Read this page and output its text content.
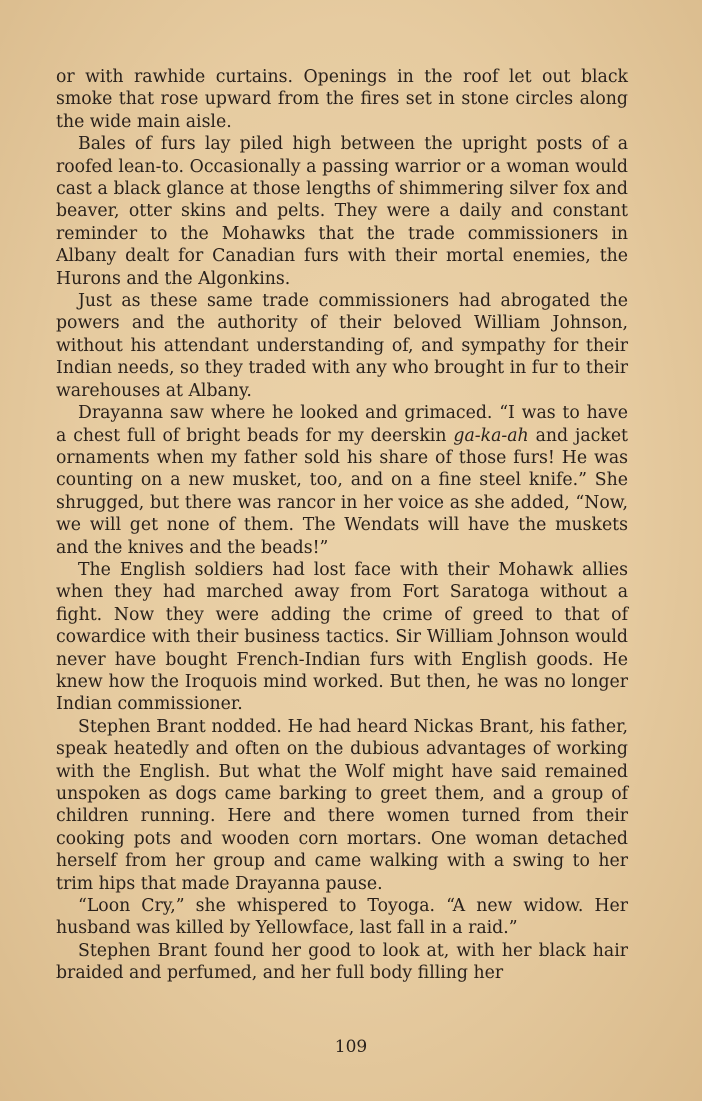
or with rawhide curtains. Openings in the roof let out black smoke that rose upward from the fires set in stone circles along the wide main aisle.

Bales of furs lay piled high between the upright posts of a roofed lean-to. Occasionally a passing warrior or a woman would cast a black glance at those lengths of shimmering silver fox and beaver, otter skins and pelts. They were a daily and constant reminder to the Mohawks that the trade commissioners in Albany dealt for Canadian furs with their mortal enemies, the Hurons and the Algonkins.

Just as these same trade commissioners had abrogated the powers and the authority of their beloved William Johnson, without his attendant understanding of, and sympathy for their Indian needs, so they traded with any who brought in fur to their warehouses at Albany.

Drayanna saw where he looked and grimaced. “I was to have a chest full of bright beads for my deerskin ga-ka-ah and jacket ornaments when my father sold his share of those furs! He was counting on a new musket, too, and on a fine steel knife.” She shrugged, but there was rancor in her voice as she added, “Now, we will get none of them. The Wendats will have the muskets and the knives and the beads!”

The English soldiers had lost face with their Mohawk allies when they had marched away from Fort Saratoga without a fight. Now they were adding the crime of greed to that of cowardice with their business tactics. Sir William Johnson would never have bought French-Indian furs with English goods. He knew how the Iroquois mind worked. But then, he was no longer Indian commissioner.

Stephen Brant nodded. He had heard Nickas Brant, his father, speak heatedly and often on the dubious advantages of working with the English. But what the Wolf might have said remained unspoken as dogs came barking to greet them, and a group of children running. Here and there women turned from their cooking pots and wooden corn mortars. One woman detached herself from her group and came walking with a swing to her trim hips that made Drayanna pause.

“Loon Cry,” she whispered to Toyoga. “A new widow. Her husband was killed by Yellowface, last fall in a raid.”

Stephen Brant found her good to look at, with her black hair braided and perfumed, and her full body filling her

109
